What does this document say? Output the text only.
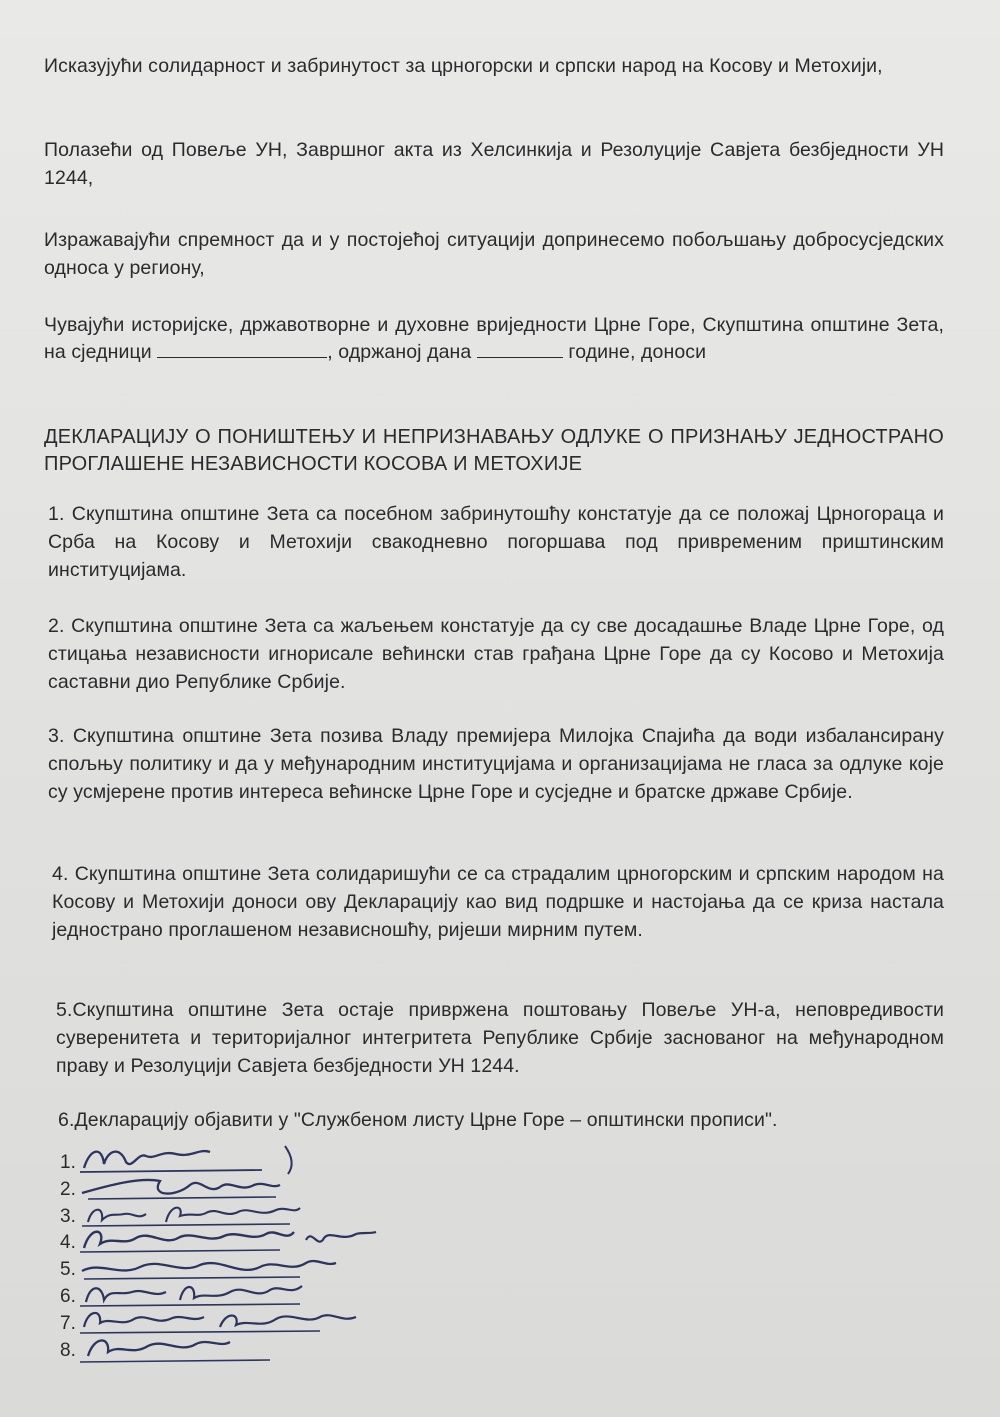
Исказујући солидарност и забринутост за црногорски и српски народ на Косову и Метохији,

Полазећи од Повеље УН, Завршног акта из Хелсинкија и Резолуције Савјета безбједности УН 1244,

Изражавајући спремност да и у постојећој ситуацији допринесемо побољшању добросусједских односа у региону,

Чувајући историјске, државотворне и духовне вриједности Црне Горе, Скупштина општине Зета, на сједници	, одржаној дана	године, доноси

ДЕКЛАРАЦИЈУ О ПОНИШТЕЊУ И НЕПРИЗНАВАЊУ ОДЛУКЕ О ПРИЗНАЊУ ЈЕДНОСТРАНО ПРОГЛАШЕНЕ НЕЗАВИСНОСТИ КОСОВА И МЕТОХИЈЕ

1. Скупштина општине Зета са посебном забринутошћу констатује да се положај Црногораца и Срба на Косову и Метохији свакодневно погоршава под привременим приштинским институцијама.

2. Скупштина општине Зета са жаљењем констатује да су све досадашње Владе Црне Горе, од стицања независности игнорисале већински став грађана Црне Горе да су Косово и Метохија саставни дио Републике Србије.

3. Скупштина општине Зета позива Владу премијера Милојка Спајића да води избалансирану спољњу политику и да у међународним институцијама и организацијама не гласа за одлуке које су усмјерене против интереса већинске Црне Горе и сусједне и братске државе Србије.

4. Скупштина општине Зета солидаришући се са страдалим црногорским и српским народом на Косову и Метохији доноси ову Декларацију као вид подршке и настојања да се криза настала једнострано проглашеном независношћу, ријеши мирним путем.

5.Скупштина општине Зета остаје привржена поштовању Повеље УН-а, неповредивости суверенитета и територијалног интегритета Републике Србије заснованог на међународном праву и Резолуцији Савјета безбједности УН 1244.

6.Декларацију објавити у "Службеном листу Црне Горе – општински прописи".

1.
2.
3.
4.
5.
6.
7.
8.
